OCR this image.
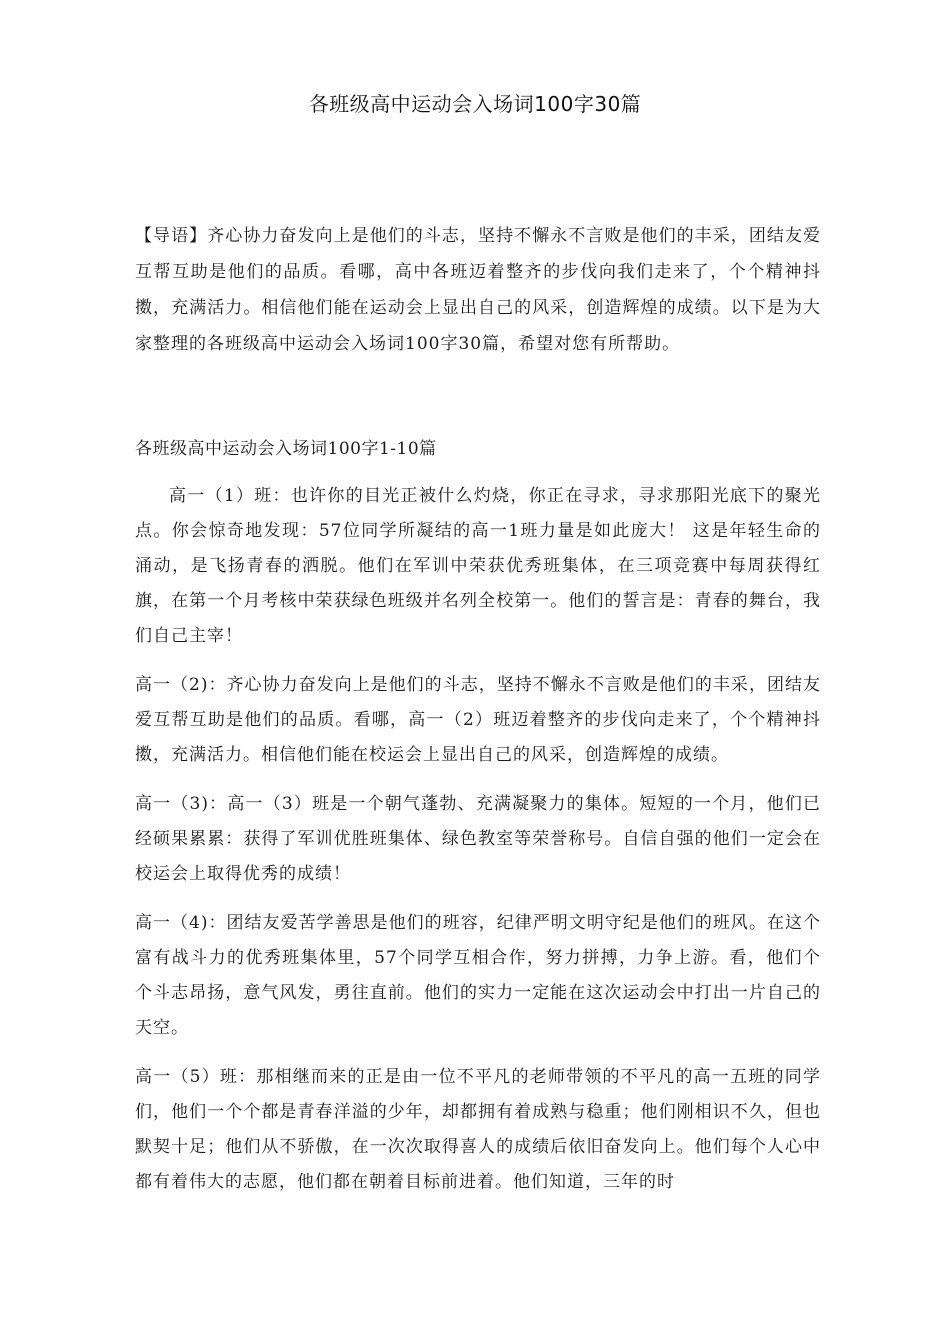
各班级高中运动会入场词100字30篇
【导语】齐心协力奋发向上是他们的斗志，坚持不懈永不言败是他们的丰采，团结友爱互帮互助是他们的品质。看哪，高中各班迈着整齐的步伐向我们走来了，个个精神抖擞，充满活力。相信他们能在运动会上显出自己的风采，创造辉煌的成绩。以下是为大家整理的各班级高中运动会入场词100字30篇，希望对您有所帮助。
各班级高中运动会入场词100字1-10篇

高一（1）班：也许你的目光正被什么灼烧，你正在寻求，寻求那阳光底下的聚光点。你会惊奇地发现：57位同学所凝结的高一1班力量是如此庞大！ 这是年轻生命的涌动，是飞扬青春的洒脱。他们在军训中荣获优秀班集体，在三项竞赛中每周获得红旗，在第一个月考核中荣获绿色班级并名列全校第一。他们的誓言是：青春的舞台，我们自己主宰！

高一（2)：齐心协力奋发向上是他们的斗志，坚持不懈永不言败是他们的丰采，团结友爱互帮互助是他们的品质。看哪，高一（2）班迈着整齐的步伐向走来了，个个精神抖擞，充满活力。相信他们能在校运会上显出自己的风采，创造辉煌的成绩。

高一（3)：高一（3）班是一个朝气蓬勃、充满凝聚力的集体。短短的一个月，他们已经硕果累累：获得了军训优胜班集体、绿色教室等荣誉称号。自信自强的他们一定会在校运会上取得优秀的成绩！

高一（4)：团结友爱苦学善思是他们的班容，纪律严明文明守纪是他们的班风。在这个富有战斗力的优秀班集体里，57个同学互相合作，努力拼搏，力争上游。看，他们个个斗志昂扬，意气风发，勇往直前。他们的实力一定能在这次运动会中打出一片自己的天空。

高一（5）班：那相继而来的正是由一位不平凡的老师带领的不平凡的高一五班的同学们，他们一个个都是青春洋溢的少年，却都拥有着成熟与稳重；他们刚相识不久，但也默契十足；他们从不骄傲，在一次次取得喜人的成绩后依旧奋发向上。他们每个人心中都有着伟大的志愿，他们都在朝着目标前进着。他们知道，三年的时
